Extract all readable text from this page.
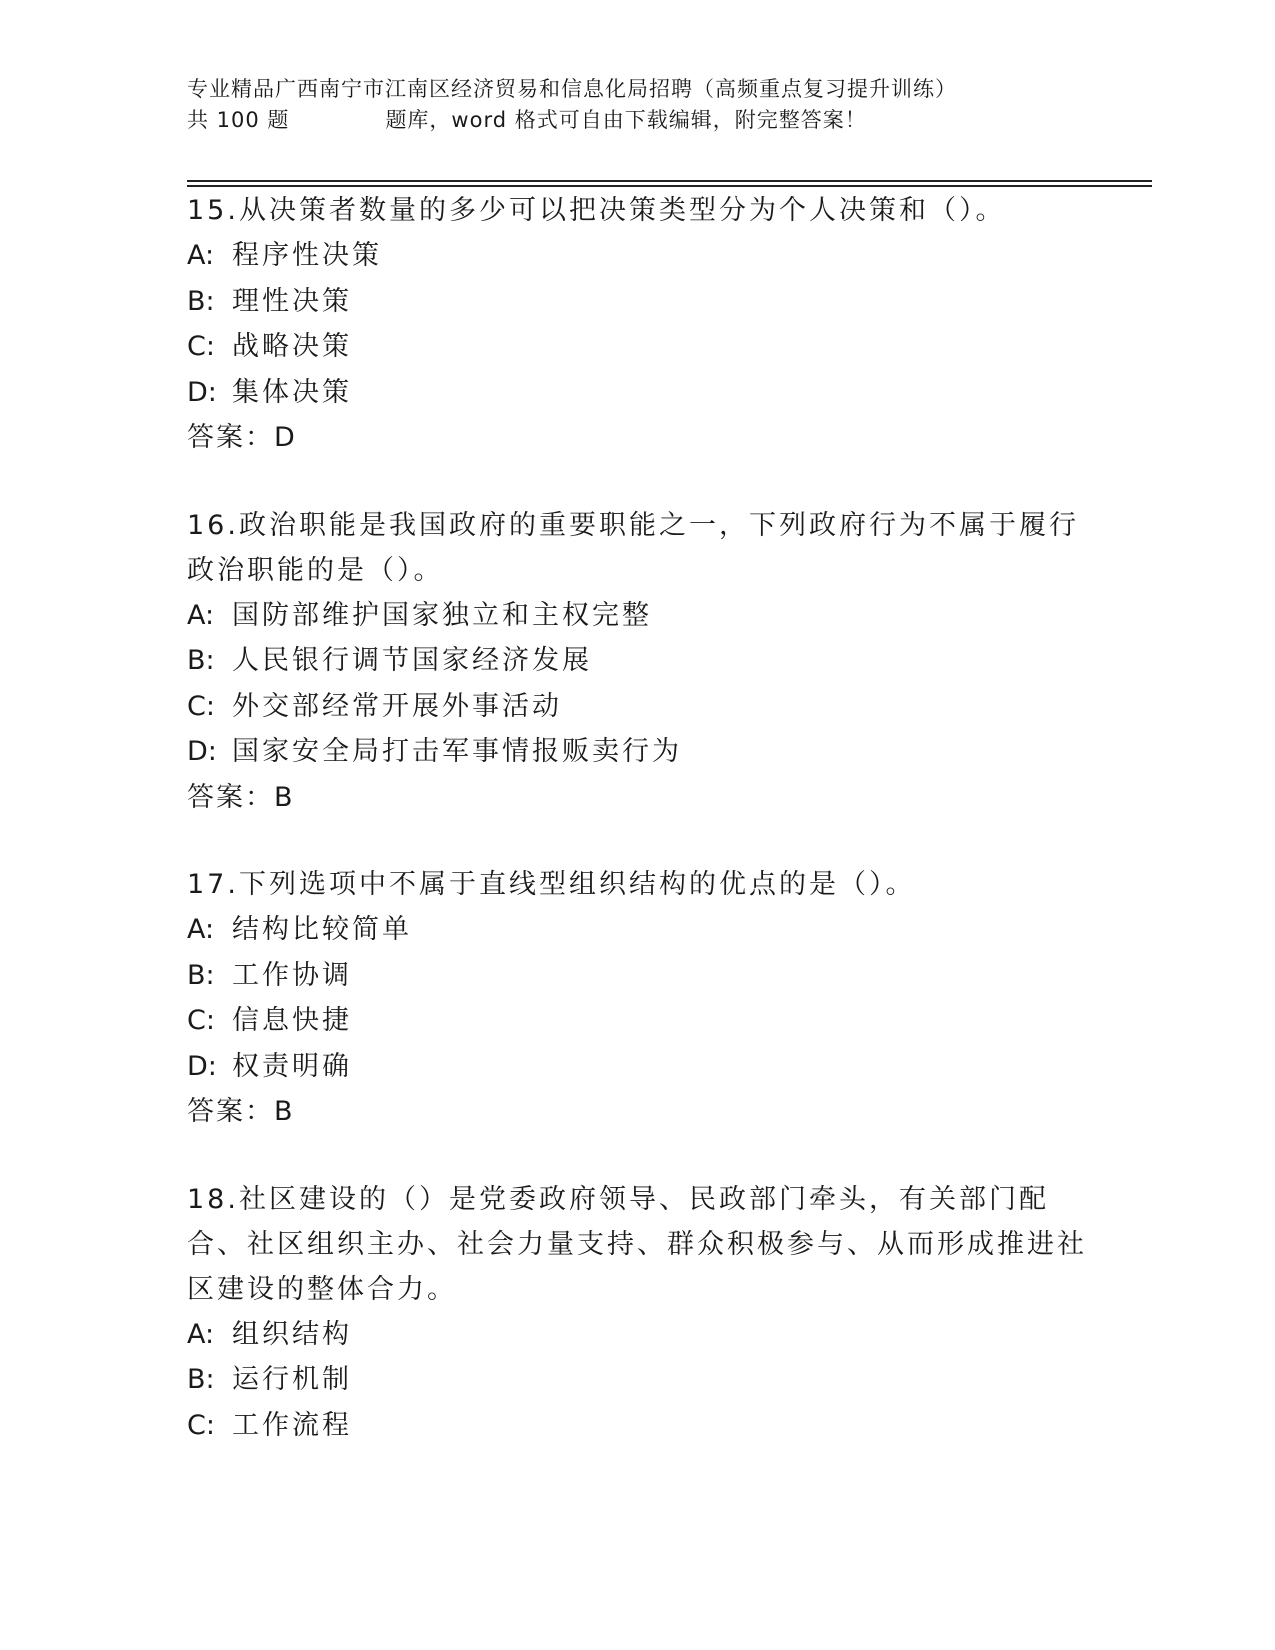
专业精品广西南宁市江南区经济贸易和信息化局招聘（高频重点复习提升训练）
共 100 题	题库，word 格式可自由下载编辑，附完整答案！

15.从决策者数量的多少可以把决策类型分为个人决策和（）。

A: 程序性决策
B: 理性决策
C: 战略决策
D: 集体决策
答案：D

16.政治职能是我国政府的重要职能之一，下列政府行为不属于履行政治职能的是（）。

A: 国防部维护国家独立和主权完整
B: 人民银行调节国家经济发展
C: 外交部经常开展外事活动
D: 国家安全局打击军事情报贩卖行为
答案：B

17.下列选项中不属于直线型组织结构的优点的是（）。

A: 结构比较简单
B: 工作协调
C: 信息快捷
D: 权责明确
答案：B

18.社区建设的（）是党委政府领导、民政部门牵头，有关部门配合、社区组织主办、社会力量支持、群众积极参与、从而形成推进社区建设的整体合力。

A: 组织结构
B: 运行机制
C: 工作流程
